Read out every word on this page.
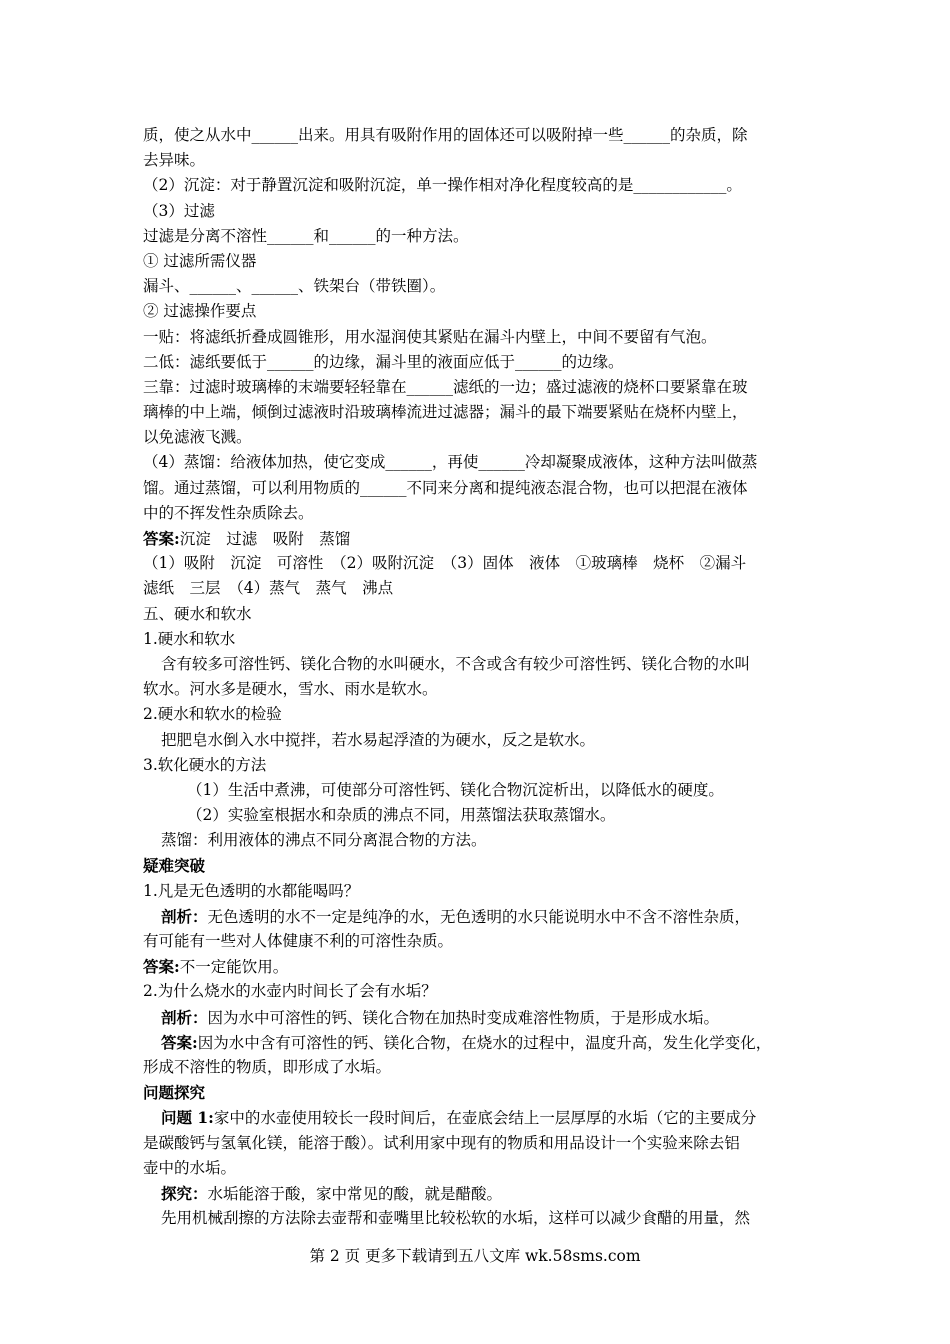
质，使之从水中______出来。用具有吸附作用的固体还可以吸附掉一些______的杂质，除
去异味。
（2）沉淀：对于静置沉淀和吸附沉淀，单一操作相对净化程度较高的是____________。
（3）过滤
过滤是分离不溶性______和______的一种方法。
① 过滤所需仪器
漏斗、______、______、铁架台（带铁圈）。
② 过滤操作要点
一贴：将滤纸折叠成圆锥形，用水湿润使其紧贴在漏斗内壁上，中间不要留有气泡。
二低：滤纸要低于______的边缘，漏斗里的液面应低于______的边缘。
三靠：过滤时玻璃棒的末端要轻轻靠在______滤纸的一边；盛过滤液的烧杯口要紧靠在玻
璃棒的中上端，倾倒过滤液时沿玻璃棒流进过滤器；漏斗的最下端要紧贴在烧杯内壁上，
以免滤液飞溅。
（4）蒸馏：给液体加热，使它变成______，再使______冷却凝聚成液体，这种方法叫做蒸
馏。通过蒸馏，可以利用物质的______不同来分离和提纯液态混合物，也可以把混在液体
中的不挥发性杂质除去。
答案:沉淀　过滤　吸附　蒸馏
（1）吸附　沉淀　可溶性　（2）吸附沉淀　（3）固体　液体　①玻璃棒　烧杯　②漏斗
滤纸　三层　（4）蒸气　蒸气　沸点
五、硬水和软水
1.硬水和软水
含有较多可溶性钙、镁化合物的水叫硬水，不含或含有较少可溶性钙、镁化合物的水叫
软水。河水多是硬水，雪水、雨水是软水。
2.硬水和软水的检验
把肥皂水倒入水中搅拌，若水易起浮渣的为硬水，反之是软水。
3.软化硬水的方法
（1）生活中煮沸，可使部分可溶性钙、镁化合物沉淀析出，以降低水的硬度。
（2）实验室根据水和杂质的沸点不同，用蒸馏法获取蒸馏水。
蒸馏：利用液体的沸点不同分离混合物的方法。
疑难突破
1.凡是无色透明的水都能喝吗？
剖析：无色透明的水不一定是纯净的水，无色透明的水只能说明水中不含不溶性杂质，
有可能有一些对人体健康不利的可溶性杂质。
答案:不一定能饮用。
2.为什么烧水的水壶内时间长了会有水垢？
剖析：因为水中可溶性的钙、镁化合物在加热时变成难溶性物质，于是形成水垢。
答案:因为水中含有可溶性的钙、镁化合物，在烧水的过程中，温度升高，发生化学变化，
形成不溶性的物质，即形成了水垢。
问题探究
问题 1:家中的水壶使用较长一段时间后，在壶底会结上一层厚厚的水垢（它的主要成分
是碳酸钙与氢氧化镁，能溶于酸）。试利用家中现有的物质和用品设计一个实验来除去铝
壶中的水垢。
探究：水垢能溶于酸，家中常见的酸，就是醋酸。
先用机械刮擦的方法除去壶帮和壶嘴里比较松软的水垢，这样可以减少食醋的用量，然
第 2 页 更多下载请到五八文库 wk.58sms.com
